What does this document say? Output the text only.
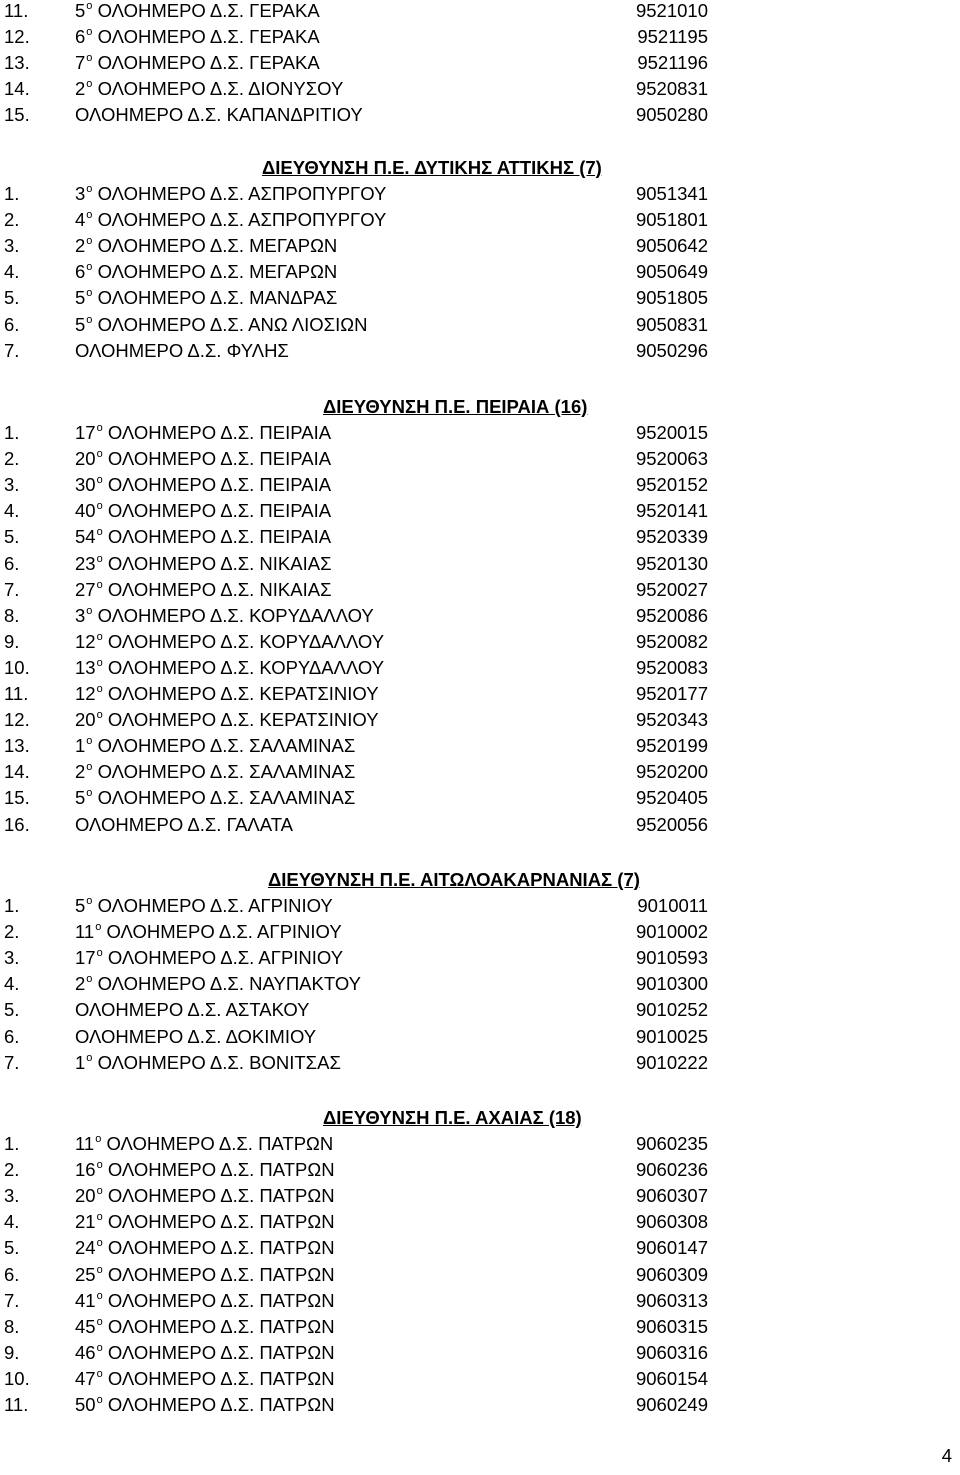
11.	$5^o$ ΟΛΟΗΜΕΡΟ Δ.Σ. ΓΕΡΑΚΑ	9521010
12. $6^o$ ΟΛΟΗΜΕΡΟ Δ.Σ. ΓΕΡΑΚΑ	9521195
13. $7^o$ ΟΛΟΗΜΕΡΟ Δ.Σ. ΓΕΡΑΚΑ	9521196
14. $2^o$ ΟΛΟΗΜΕΡΟ Δ.Σ. ΔΙΟΝΥΣΟΥ	9520831
15. ΟΛΟΗΜΕΡΟ Δ.Σ. ΚΑΠΑΝΔΡΙΤΙΟΥ	9050280
ΔΙΕΥΘΥΝΣΗ Π.Ε. ΔΥΤΙΚΗΣ ΑΤΤΙΚΗΣ (7)
1.	$3^o$ ΟΛΟΗΜΕΡΟ Δ.Σ. ΑΣΠΡΟΠΥΡΓΟΥ	9051341
2.	$4^o$ ΟΛΟΗΜΕΡΟ Δ.Σ. ΑΣΠΡΟΠΥΡΓΟΥ	9051801
3.	$2^o$ ΟΛΟΗΜΕΡΟ Δ.Σ. ΜΕΓΑΡΩΝ	9050642
4.	$6^o$ ΟΛΟΗΜΕΡΟ Δ.Σ. ΜΕΓΑΡΩΝ	9050649
5.	$5^o$ ΟΛΟΗΜΕΡΟ Δ.Σ. ΜΑΝΔΡΑΣ	9051805
6.	$5^o$ ΟΛΟΗΜΕΡΟ Δ.Σ. ΑΝΩ ΛΙΟΣΙΩΝ	9050831
7.	ΟΛΟΗΜΕΡΟ Δ.Σ. ΦΥΛΗΣ	9050296
ΔΙΕΥΘΥΝΣΗ Π.Ε. ΠΕΙΡΑΙΑ (16)
1.	$17^o$ ΟΛΟΗΜΕΡΟ Δ.Σ. ΠΕΙΡΑΙΑ	9520015
2.	$20^o$ ΟΛΟΗΜΕΡΟ Δ.Σ. ΠΕΙΡΑΙΑ	9520063
3.	$30^o$ ΟΛΟΗΜΕΡΟ Δ.Σ. ΠΕΙΡΑΙΑ	9520152
4.	$40^o$ ΟΛΟΗΜΕΡΟ Δ.Σ. ΠΕΙΡΑΙΑ	9520141
5.	$54^o$ ΟΛΟΗΜΕΡΟ Δ.Σ. ΠΕΙΡΑΙΑ	9520339
6.	$23^o$ ΟΛΟΗΜΕΡΟ Δ.Σ. ΝΙΚΑΙΑΣ	9520130
7.	$27^o$ ΟΛΟΗΜΕΡΟ Δ.Σ. ΝΙΚΑΙΑΣ	9520027
8.	$3^o$ ΟΛΟΗΜΕΡΟ Δ.Σ. ΚΟΡΥΔΑΛΛΟΥ	9520086
9.	$12^o$ ΟΛΟΗΜΕΡΟ Δ.Σ. ΚΟΡΥΔΑΛΛΟΥ	9520082
10. $13^o$ ΟΛΟΗΜΕΡΟ Δ.Σ. ΚΟΡΥΔΑΛΛΟΥ	9520083
11.	$12^o$ ΟΛΟΗΜΕΡΟ Δ.Σ. ΚΕΡΑΤΣΙΝΙΟΥ	9520177
12. $20^o$ ΟΛΟΗΜΕΡΟ Δ.Σ. ΚΕΡΑΤΣΙΝΙΟΥ	9520343
13. $1^o$ ΟΛΟΗΜΕΡΟ Δ.Σ. ΣΑΛΑΜΙΝΑΣ	9520199
14. $2^o$ ΟΛΟΗΜΕΡΟ Δ.Σ. ΣΑΛΑΜΙΝΑΣ	9520200
15. $5^o$ ΟΛΟΗΜΕΡΟ Δ.Σ. ΣΑΛΑΜΙΝΑΣ	9520405
16. ΟΛΟΗΜΕΡΟ Δ.Σ. ΓΑΛΑΤΑ	9520056
ΔΙΕΥΘΥΝΣΗ Π.Ε. ΑΙΤΩΛΟΑΚΑΡΝΑΝΙΑΣ (7)
1.	$5^o$ ΟΛΟΗΜΕΡΟ Δ.Σ. ΑΓΡΙΝΙΟΥ	9010011
2.	$11^o$ ΟΛΟΗΜΕΡΟ Δ.Σ. ΑΓΡΙΝΙΟΥ	9010002
3.	$17^o$ ΟΛΟΗΜΕΡΟ Δ.Σ. ΑΓΡΙΝΙΟΥ	9010593
4.	$2^o$ ΟΛΟΗΜΕΡΟ Δ.Σ. ΝΑΥΠΑΚΤΟΥ	9010300
5.	ΟΛΟΗΜΕΡΟ Δ.Σ. ΑΣΤΑΚΟΥ	9010252
6.	ΟΛΟΗΜΕΡΟ Δ.Σ. ΔΟΚΙΜΙΟΥ	9010025
7.	$1^o$ ΟΛΟΗΜΕΡΟ Δ.Σ. ΒΟΝΙΤΣΑΣ	9010222
ΔΙΕΥΘΥΝΣΗ Π.Ε. ΑΧΑΙΑΣ (18)
1.	$11^o$ ΟΛΟΗΜΕΡΟ Δ.Σ. ΠΑΤΡΩΝ	9060235
2.	$16^o$ ΟΛΟΗΜΕΡΟ Δ.Σ. ΠΑΤΡΩΝ	9060236
3.	$20^o$ ΟΛΟΗΜΕΡΟ Δ.Σ. ΠΑΤΡΩΝ	9060307
4.	$21^o$ ΟΛΟΗΜΕΡΟ Δ.Σ. ΠΑΤΡΩΝ	9060308
5.	$24^o$ ΟΛΟΗΜΕΡΟ Δ.Σ. ΠΑΤΡΩΝ	9060147
6.	$25^o$ ΟΛΟΗΜΕΡΟ Δ.Σ. ΠΑΤΡΩΝ	9060309
7.	$41^o$ ΟΛΟΗΜΕΡΟ Δ.Σ. ΠΑΤΡΩΝ	9060313
8.	$45^o$ ΟΛΟΗΜΕΡΟ Δ.Σ. ΠΑΤΡΩΝ	9060315
9.	$46^o$ ΟΛΟΗΜΕΡΟ Δ.Σ. ΠΑΤΡΩΝ	9060316
10. $47^o$ ΟΛΟΗΜΕΡΟ Δ.Σ. ΠΑΤΡΩΝ	9060154
11.	$50^o$ ΟΛΟΗΜΕΡΟ Δ.Σ. ΠΑΤΡΩΝ	9060249
4
